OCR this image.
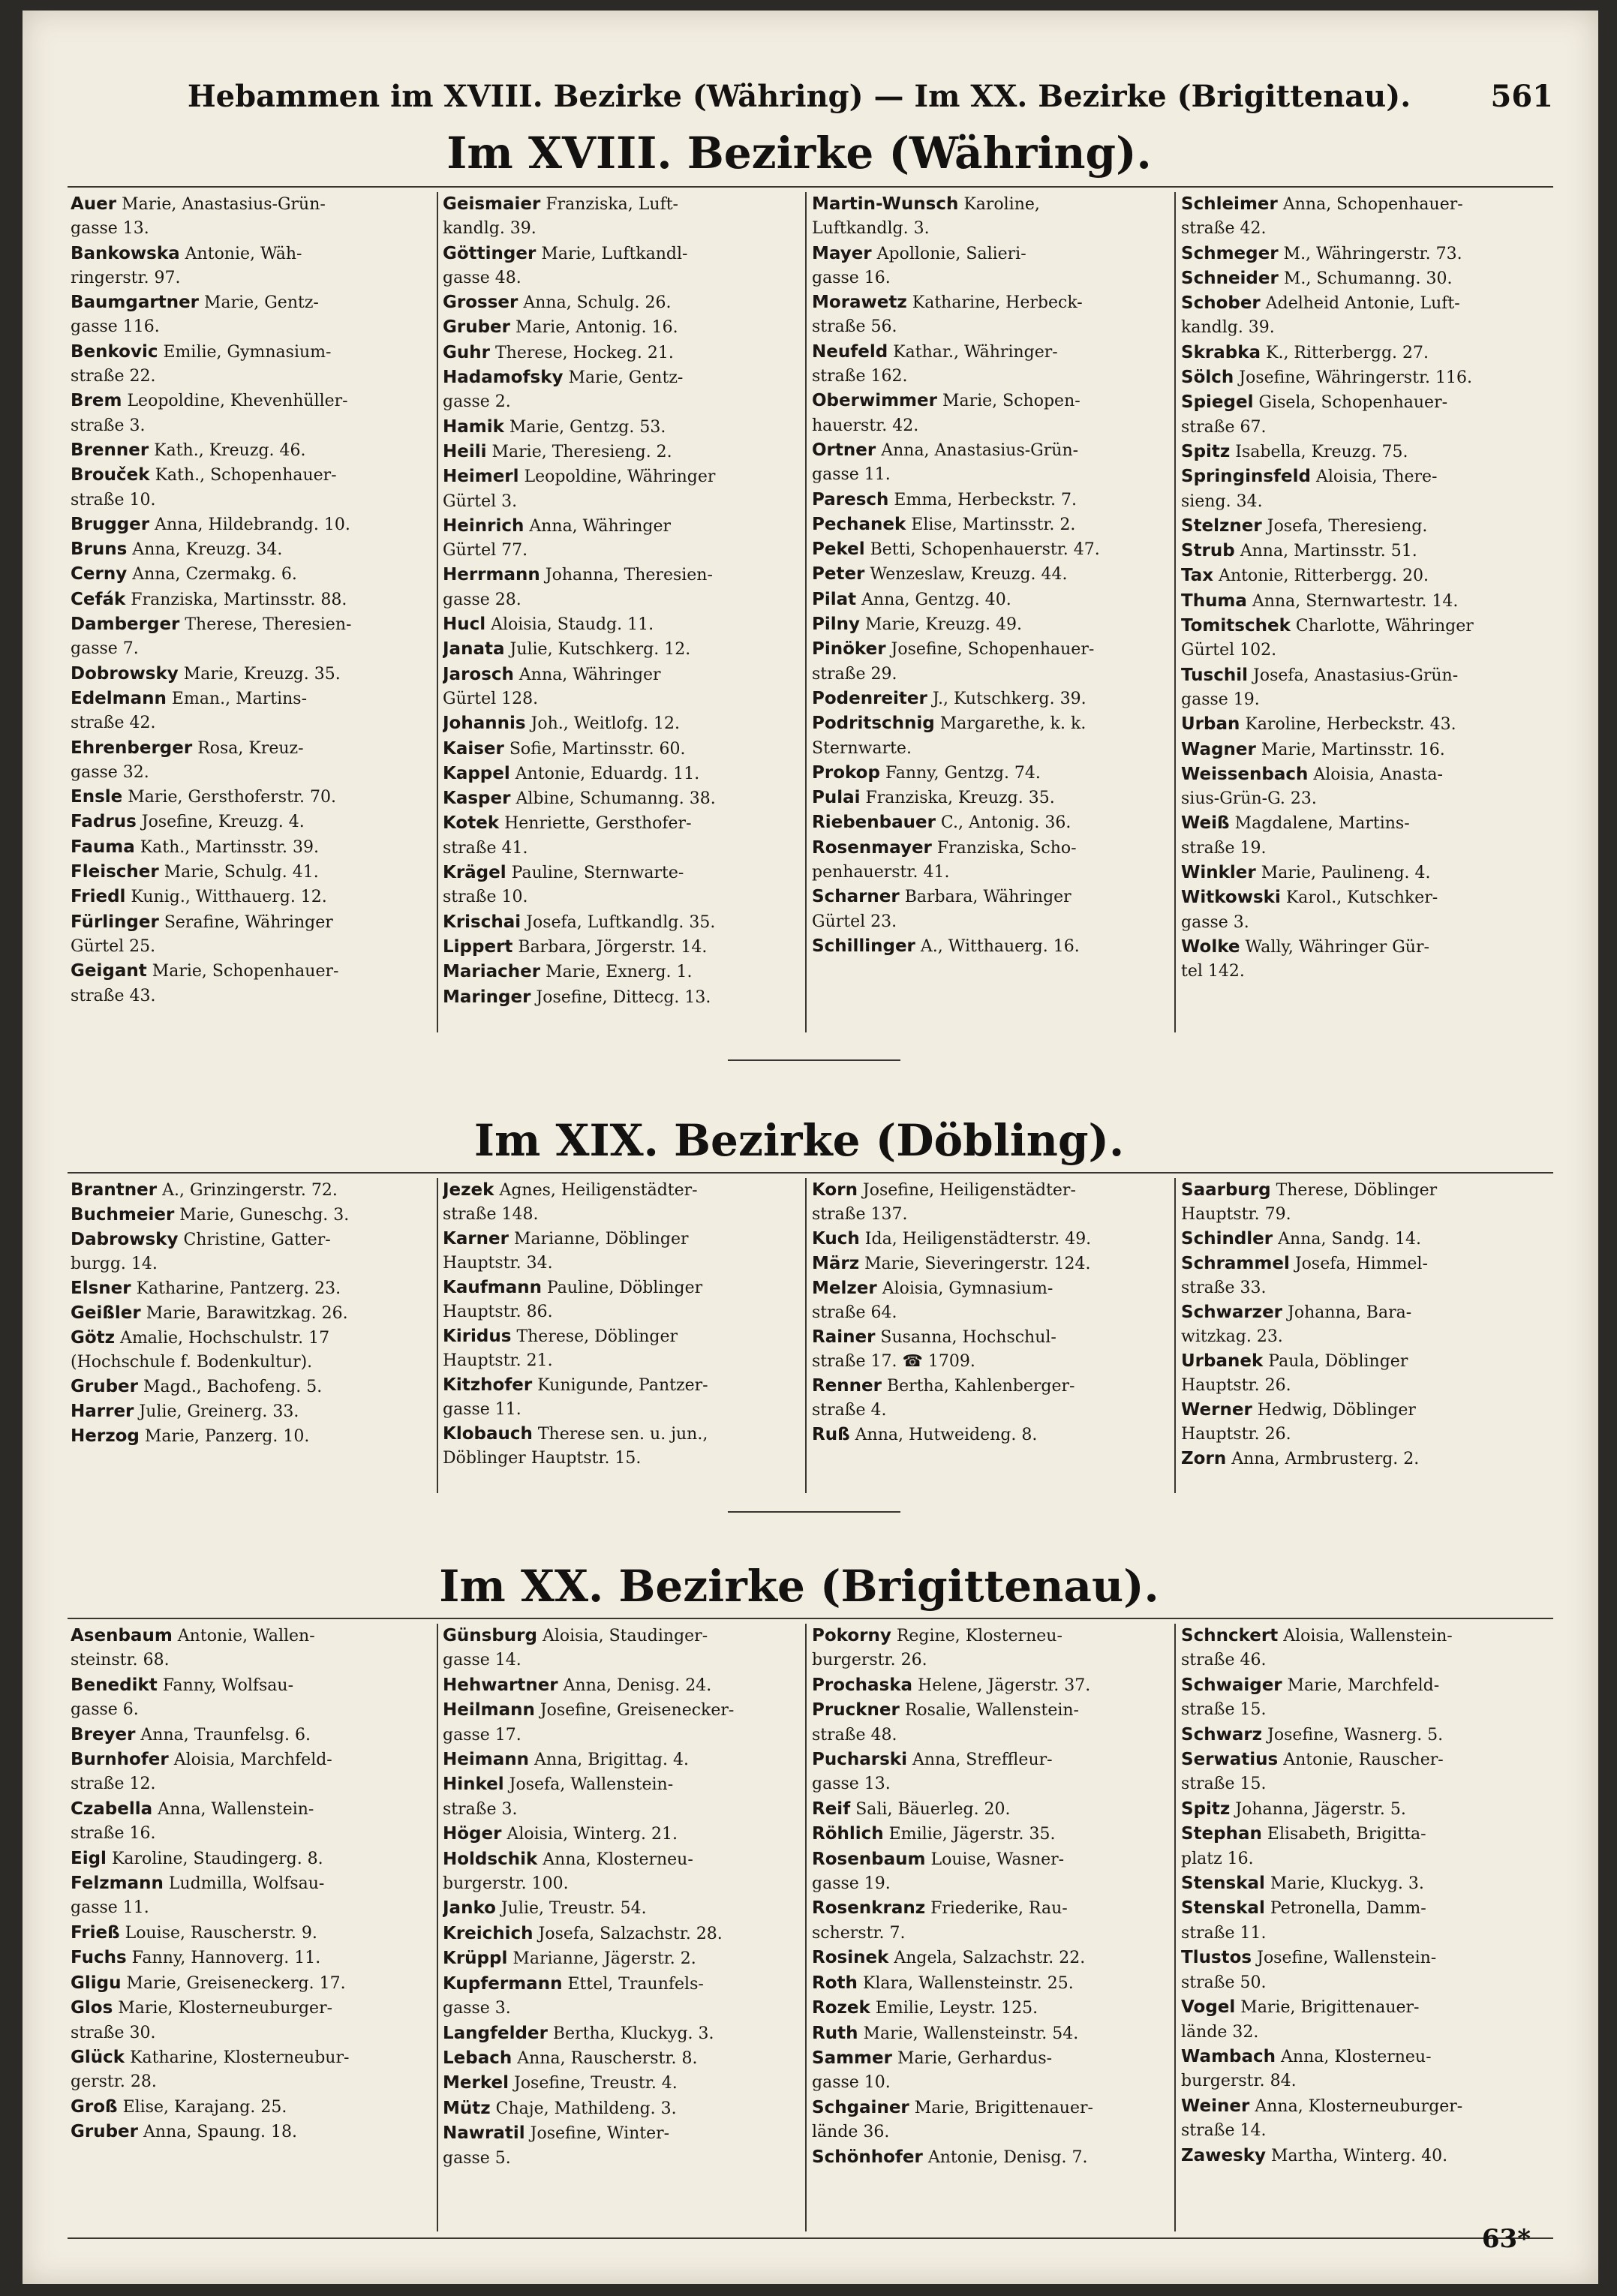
Hebammen im XVIII. Bezirke (Währing) — Im XX. Bezirke (Brigittenau).	561
Im XVIII. Bezirke (Währing).
Auer Marie, Anastasius-Grün-
gasse 13.
Bankowska Antonie, Wäh-
ringerstr. 97.
Baumgartner Marie, Gentz-
gasse 116.
Benkovic Emilie, Gymnasium-
straße 22.
Brem Leopoldine, Khevenhüller-
straße 3.
Brenner Kath., Kreuzg. 46.
Brouček Kath., Schopenhauer-
straße 10.
Brugger Anna, Hildebrandg. 10.
Bruns Anna, Kreuzg. 34.
Cerny Anna, Czermakg. 6.
Cefák Franziska, Martinsstr. 88.
Damberger Therese, Theresien-
gasse 7.
Dobrowsky Marie, Kreuzg. 35.
Edelmann Eman., Martins-
straße 42.
Ehrenberger Rosa, Kreuz-
gasse 32.
Ensle Marie, Gersthoferstr. 70.
Fadrus Josefine, Kreuzg. 4.
Fauma Kath., Martinsstr. 39.
Fleischer Marie, Schulg. 41.
Friedl Kunig., Witthauerg. 12.
Fürlinger Serafine, Währinger
Gürtel 25.
Geigant Marie, Schopenhauer-
straße 43.
Geismaier Franziska, Luft-
kandlg. 39.
Göttinger Marie, Luftkandl-
gasse 48.
Grosser Anna, Schulg. 26.
Gruber Marie, Antonig. 16.
Guhr Therese, Hockeg. 21.
Hadamofsky Marie, Gentz-
gasse 2.
Hamik Marie, Gentzg. 53.
Heili Marie, Theresieng. 2.
Heimerl Leopoldine, Währinger
Gürtel 3.
Heinrich Anna, Währinger
Gürtel 77.
Herrmann Johanna, Theresien-
gasse 28.
Hucl Aloisia, Staudg. 11.
Janata Julie, Kutschkerg. 12.
Jarosch Anna, Währinger
Gürtel 128.
Johannis Joh., Weitlofg. 12.
Kaiser Sofie, Martinsstr. 60.
Kappel Antonie, Eduardg. 11.
Kasper Albine, Schumanng. 38.
Kotek Henriette, Gersthofer-
straße 41.
Krägel Pauline, Sternwarte-
straße 10.
Krischai Josefa, Luftkandlg. 35.
Lippert Barbara, Jörgerstr. 14.
Mariacher Marie, Exnerg. 1.
Maringer Josefine, Ditteсg. 13.
Martin-Wunsch Karoline,
Luftkandlg. 3.
Mayer Apollonie, Salieri-
gasse 16.
Morawetz Katharine, Herbeck-
straße 56.
Neufeld Kathar., Währinger-
straße 162.
Oberwimmer Marie, Schopen-
hauerstr. 42.
Ortner Anna, Anastasius-Grün-
gasse 11.
Paresch Emma, Herbeckstr. 7.
Pechanek Elise, Martinsstr. 2.
Pekel Betti, Schopenhauerstr. 47.
Peter Wenzeslaw, Kreuzg. 44.
Pilat Anna, Gentzg. 40.
Pilny Marie, Kreuzg. 49.
Pinöker Josefine, Schopenhauer-
straße 29.
Podenreiter J., Kutschkerg. 39.
Podritschnig Margarethe, k. k.
Sternwarte.
Prokop Fanny, Gentzg. 74.
Pulai Franziska, Kreuzg. 35.
Riebenbauer C., Antonig. 36.
Rosenmayer Franziska, Scho-
penhauerstr. 41.
Scharner Barbara, Währinger
Gürtel 23.
Schillinger A., Witthauerg. 16.
Schleimer Anna, Schopenhauer-
straße 42.
Schmeger M., Währingerstr. 73.
Schneider M., Schumanng. 30.
Schober Adelheid Antonie, Luft-
kandlg. 39.
Skrabka K., Ritterbergg. 27.
Sölch Josefine, Währingerstr. 116.
Spiegel Gisela, Schopenhauer-
straße 67.
Spitz Isabella, Kreuzg. 75.
Springinsfeld Aloisia, There-
sieng. 34.
Stelzner Josefa, Theresieng.
Strub Anna, Martinsstr. 51.
Tax Antonie, Ritterbergg. 20.
Thuma Anna, Sternwartestr. 14.
Tomitschek Charlotte, Währinger
Gürtel 102.
Tuschil Josefa, Anastasius-Grün-
gasse 19.
Urban Karoline, Herbeckstr. 43.
Wagner Marie, Martinsstr. 16.
Weissenbach Aloisia, Anasta-
sius-Grün-G. 23.
Weiß Magdalene, Martins-
straße 19.
Winkler Marie, Paulineng. 4.
Witkowski Karol., Kutschker-
gasse 3.
Wolke Wally, Währinger Gür-
tel 142.
Im XIX. Bezirke (Döbling).
Brantner A., Grinzingerstr. 72.
Buchmeier Marie, Guneschg. 3.
Dabrowsky Christine, Gatter-
burgg. 14.
Elsner Katharine, Pantzerg. 23.
Geißler Marie, Barawitzkag. 26.
Götz Amalie, Hochschulstr. 17
(Hochschule f. Bodenkultur).
Gruber Magd., Bachofeng. 5.
Harrer Julie, Greinerg. 33.
Herzog Marie, Panzerg. 10.
Jezek Agnes, Heiligenstädter-
straße 148.
Karner Marianne, Döblinger
Hauptstr. 34.
Kaufmann Pauline, Döblinger
Hauptstr. 86.
Kiridus Therese, Döblinger
Hauptstr. 21.
Kitzhofer Kunigunde, Pantzer-
gasse 11.
Klobauch Therese sen. u. jun.,
Döblinger Hauptstr. 15.
Korn Josefine, Heiligenstädter-
straße 137.
Kuch Ida, Heiligenstädterstr. 49.
März Marie, Sieveringerstr. 124.
Melzer Aloisia, Gymnasium-
straße 64.
Rainer Susanna, Hochschul-
straße 17. ☎ 1709.
Renner Bertha, Kahlenberger-
straße 4.
Ruß Anna, Hutweideng. 8.
Saarburg Therese, Döblinger
Hauptstr. 79.
Schindler Anna, Sandg. 14.
Schrammel Josefa, Himmel-
straße 33.
Schwarzer Johanna, Bara-
witzkag. 23.
Urbanek Paula, Döblinger
Hauptstr. 26.
Werner Hedwig, Döblinger
Hauptstr. 26.
Zorn Anna, Armbrusterg. 2.
Im XX. Bezirke (Brigittenau).
Asenbaum Antonie, Wallen-
steinstr. 68.
Benedikt Fanny, Wolfsau-
gasse 6.
Breyer Anna, Traunfelsg. 6.
Burnhofer Aloisia, Marchfeld-
straße 12.
Czabella Anna, Wallenstein-
straße 16.
Eigl Karoline, Staudingerg. 8.
Felzmann Ludmilla, Wolfsau-
gasse 11.
Frieß Louise, Rauscherstr. 9.
Fuchs Fanny, Hannoverg. 11.
Gligu Marie, Greiseneckerg. 17.
Glos Marie, Klosterneuburger-
straße 30.
Glück Katharine, Klosterneubur-
gerstr. 28.
Groß Elise, Karajang. 25.
Gruber Anna, Spaung. 18.
Günsburg Aloisia, Staudinger-
gasse 14.
Hehwartner Anna, Denisg. 24.
Heilmann Josefine, Greisenecker-
gasse 17.
Heimann Anna, Brigittag. 4.
Hinkel Josefa, Wallenstein-
straße 3.
Höger Aloisia, Winterg. 21.
Holdschik Anna, Klosterneu-
burgerstr. 100.
Janko Julie, Treustr. 54.
Kreichich Josefa, Salzachstr. 28.
Krüppl Marianne, Jägerstr. 2.
Kupfermann Ettel, Traunfels-
gasse 3.
Langfelder Bertha, Kluckyg. 3.
Lebach Anna, Rauscherstr. 8.
Merkel Josefine, Treustr. 4.
Mütz Chaje, Mathildeng. 3.
Nawratil Josefine, Winter-
gasse 5.
Pokorny Regine, Klosterneu-
burgerstr. 26.
Prochaska Helene, Jägerstr. 37.
Pruckner Rosalie, Wallenstein-
straße 48.
Pucharski Anna, Streffleur-
gasse 13.
Reif Sali, Bäuerleg. 20.
Röhlich Emilie, Jägerstr. 35.
Rosenbaum Louise, Wasner-
gasse 19.
Rosenkranz Friederike, Rau-
scherstr. 7.
Rosinek Angela, Salzachstr. 22.
Roth Klara, Wallensteinstr. 25.
Rozek Emilie, Leystr. 125.
Ruth Marie, Wallensteinstr. 54.
Sammer Marie, Gerhardus-
gasse 10.
Schgainer Marie, Brigittenauer-
lände 36.
Schönhofer Antonie, Denisg. 7.
Schnckert Aloisia, Wallenstein-
straße 46.
Schwaiger Marie, Marchfeld-
straße 15.
Schwarz Josefine, Wasnerg. 5.
Serwatius Antonie, Rauscher-
straße 15.
Spitz Johanna, Jägerstr. 5.
Stephan Elisabeth, Brigitta-
platz 16.
Stenskal Marie, Kluckyg. 3.
Stenskal Petronella, Damm-
straße 11.
Tlustos Josefine, Wallenstein-
straße 50.
Vogel Marie, Brigittenauer-
lände 32.
Wambach Anna, Klosterneu-
burgerstr. 84.
Weiner Anna, Klosterneuburger-
straße 14.
Zawesky Martha, Winterg. 40.
63*
